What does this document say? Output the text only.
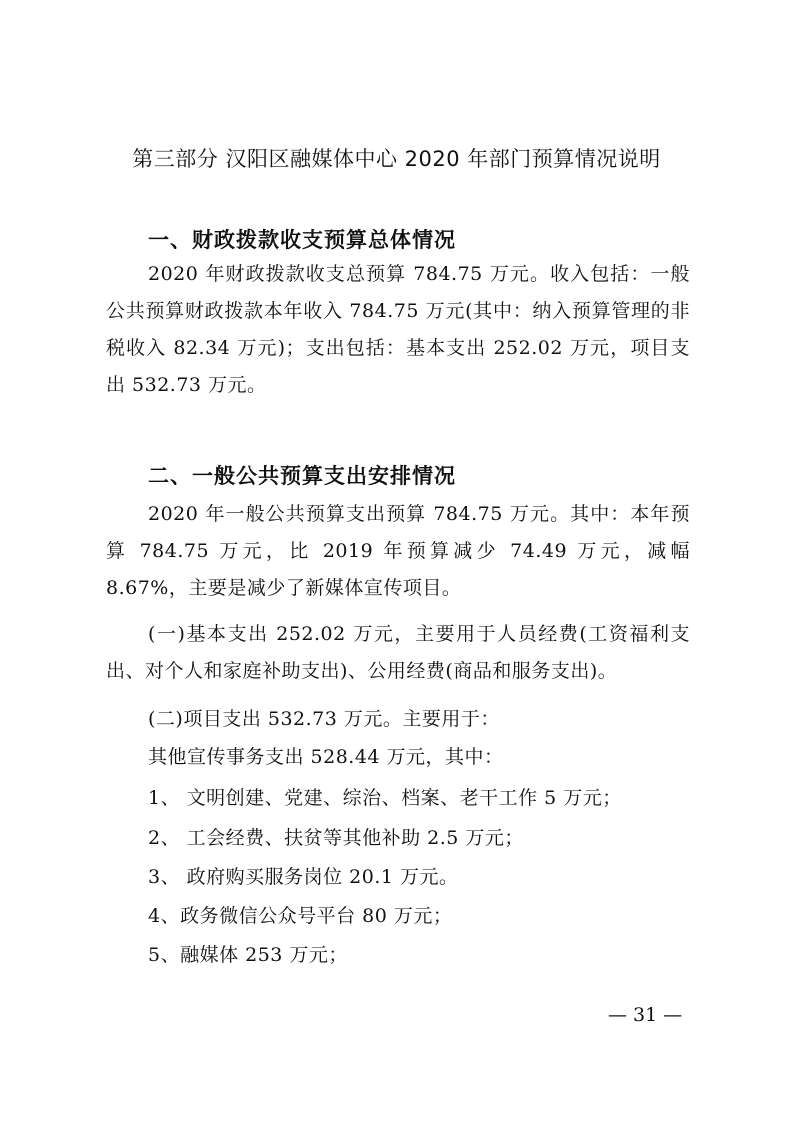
第三部分 汉阳区融媒体中心 2020 年部门预算情况说明
一、财政拨款收支预算总体情况
2020 年财政拨款收支总预算 784.75 万元。收入包括：一般公共预算财政拨款本年收入 784.75 万元(其中：纳入预算管理的非税收入 82.34 万元)；支出包括：基本支出 252.02 万元，项目支出 532.73 万元。
二、一般公共预算支出安排情况
2020 年一般公共预算支出预算 784.75 万元。其中：本年预算 784.75 万元，比 2019 年预算减少 74.49 万元，减幅 8.67%，主要是减少了新媒体宣传项目。
(一)基本支出 252.02 万元，主要用于人员经费(工资福利支出、对个人和家庭补助支出)、公用经费(商品和服务支出)。
(二)项目支出 532.73 万元。主要用于：
其他宣传事务支出 528.44 万元，其中：
1、 文明创建、党建、综治、档案、老干工作 5 万元；
2、 工会经费、扶贫等其他补助 2.5 万元；
3、 政府购买服务岗位 20.1 万元。
4、政务微信公众号平台 80 万元；
5、融媒体 253 万元；
— 31 —
